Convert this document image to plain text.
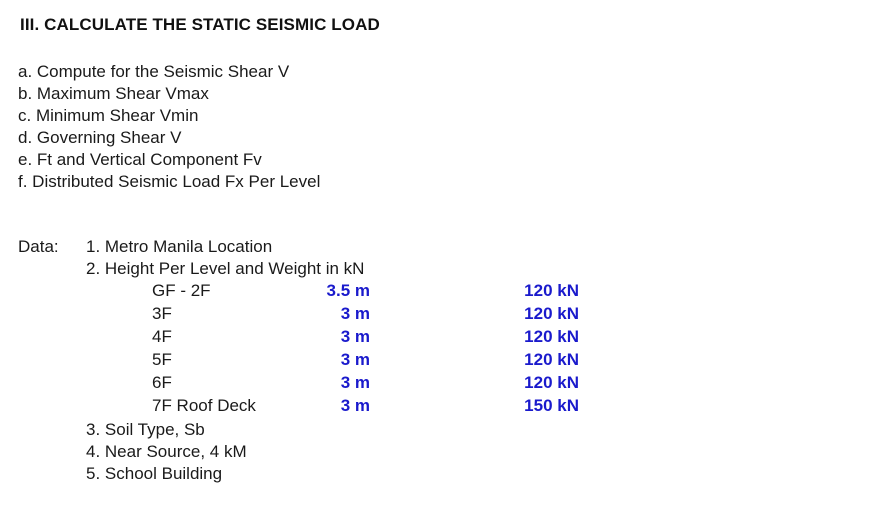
III. CALCULATE THE STATIC SEISMIC LOAD
a. Compute for the Seismic Shear V
b. Maximum Shear Vmax
c. Minimum Shear Vmin
d. Governing Shear V
e. Ft and Vertical Component Fv
f. Distributed Seismic Load Fx Per Level
Data: 1. Metro Manila Location
2. Height Per Level and Weight in kN
GF - 2F	3.5 m	120 kN
3F	3 m	120 kN
4F	3 m	120 kN
5F	3 m	120 kN
6F	3 m	120 kN
7F Roof Deck	3 m	150 kN
3. Soil Type, Sb
4. Near Source, 4 kM
5. School Building
